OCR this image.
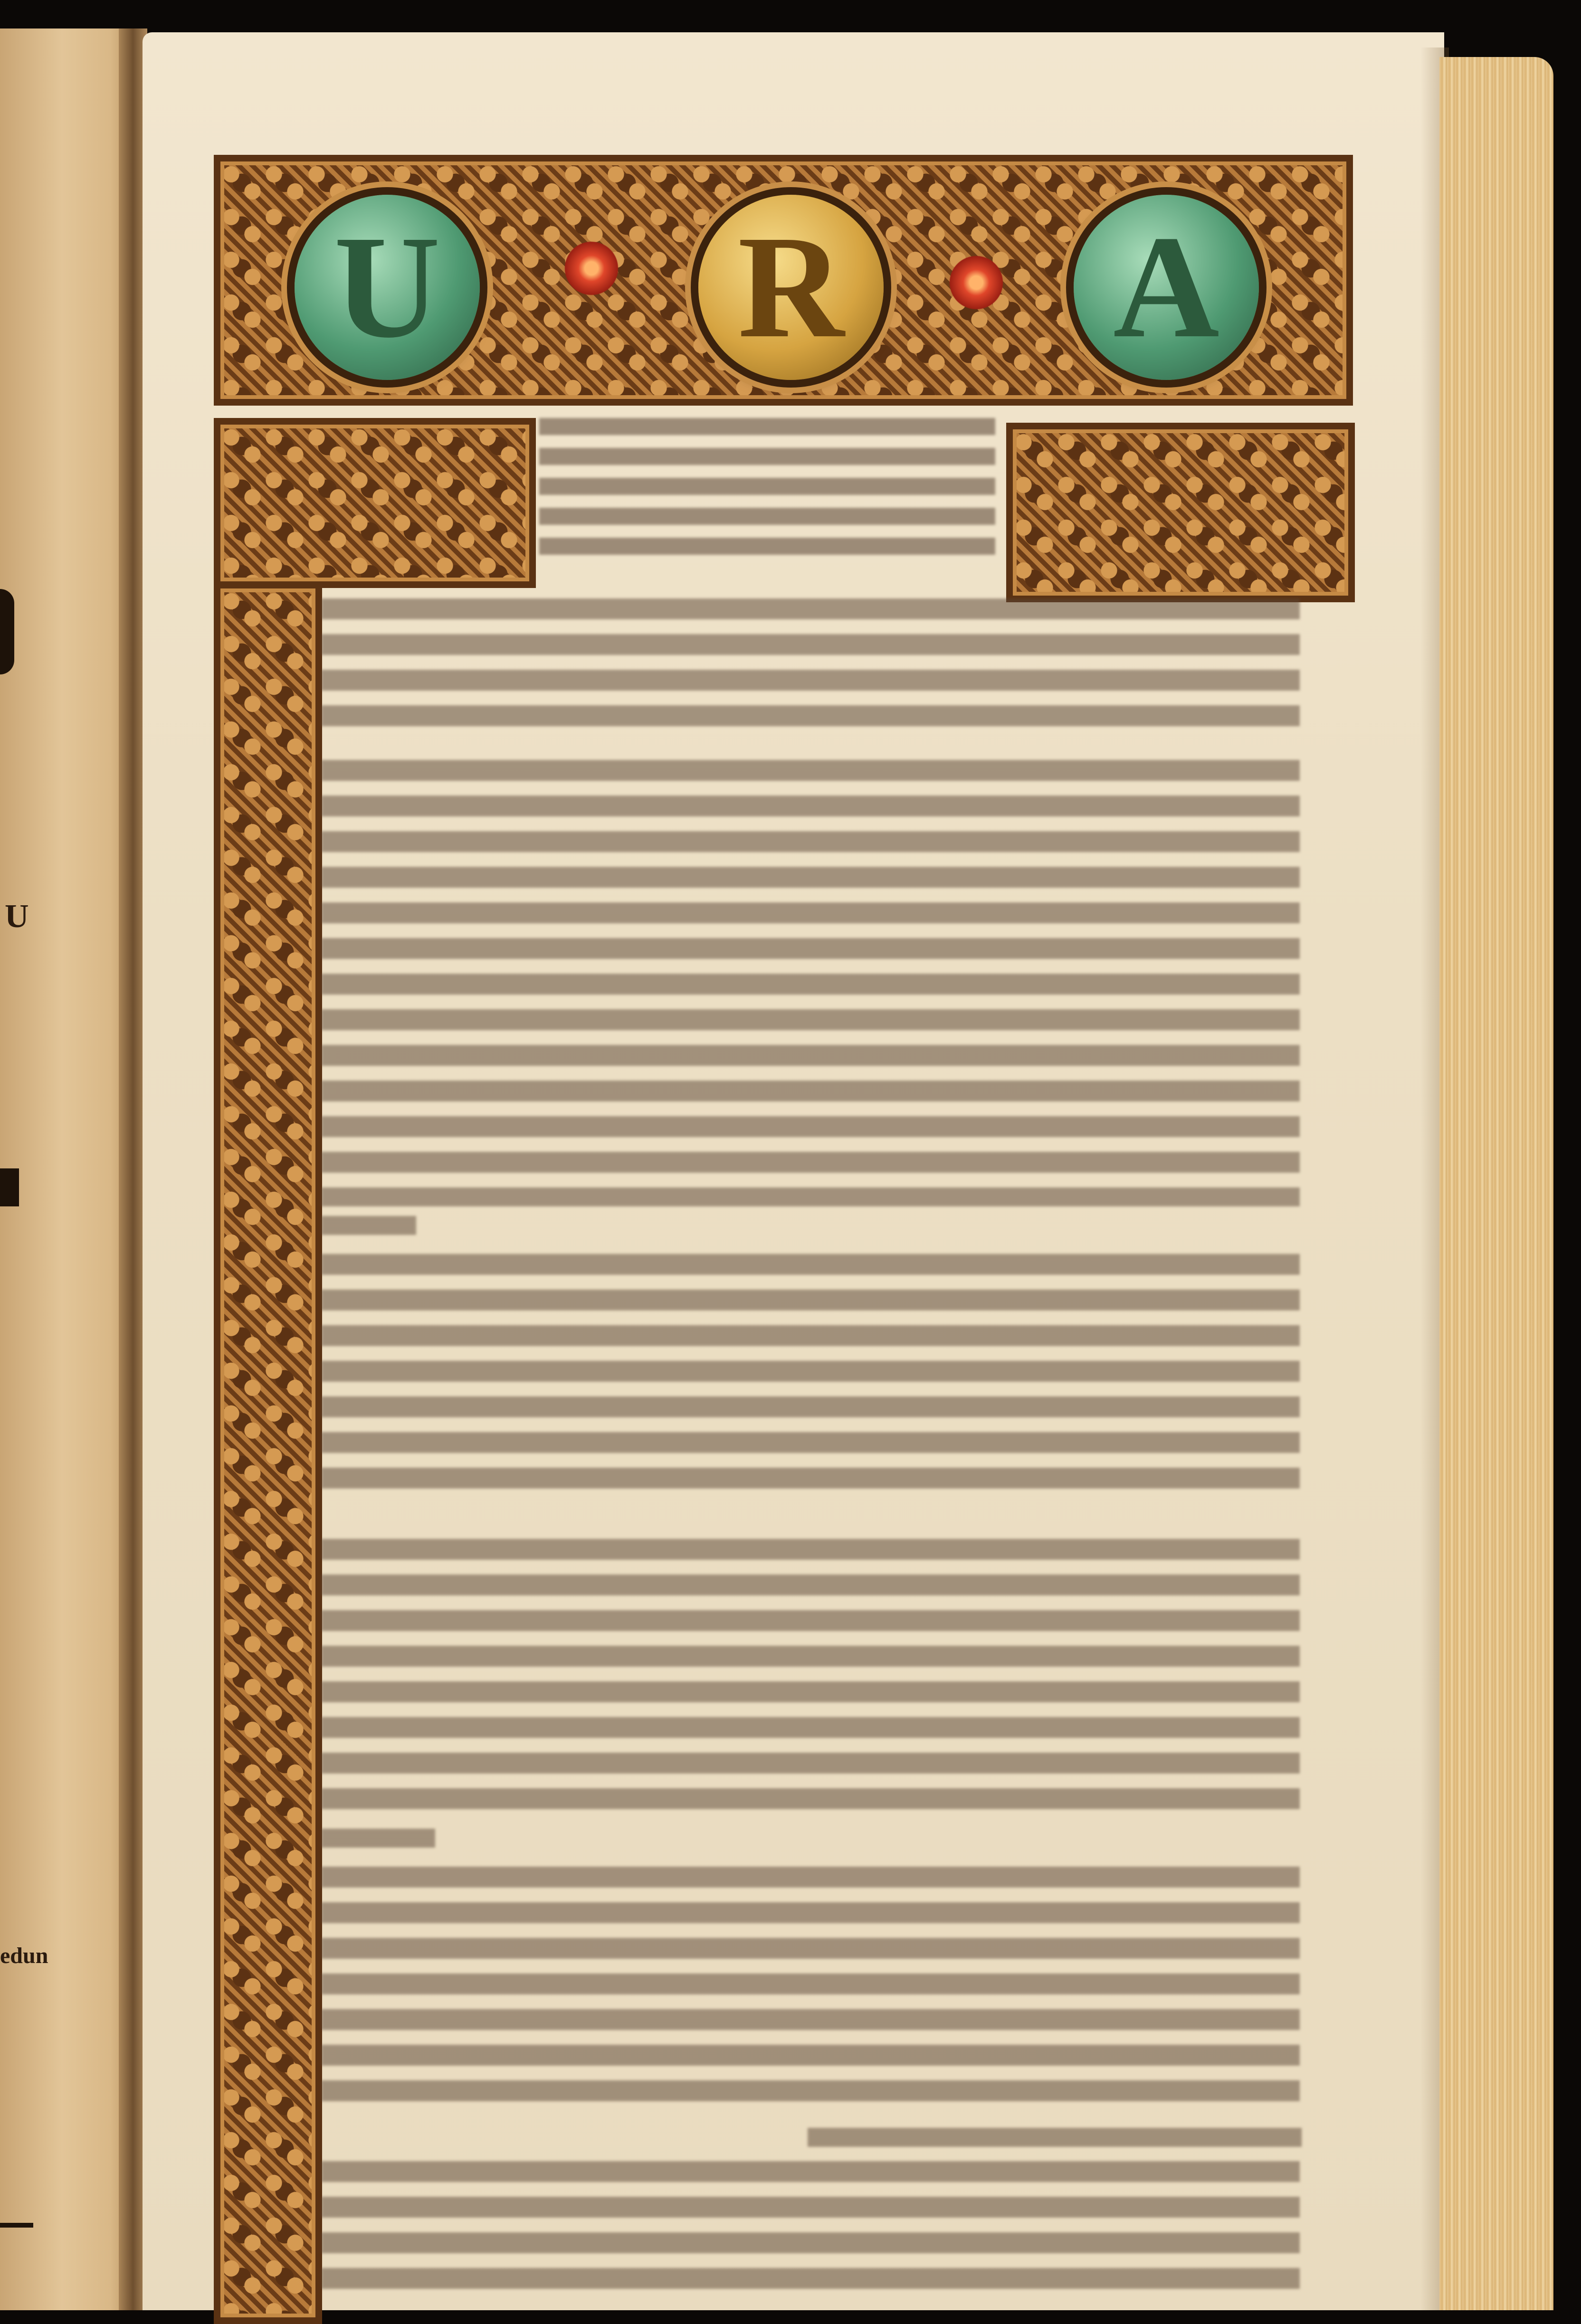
U
edun
U R A
